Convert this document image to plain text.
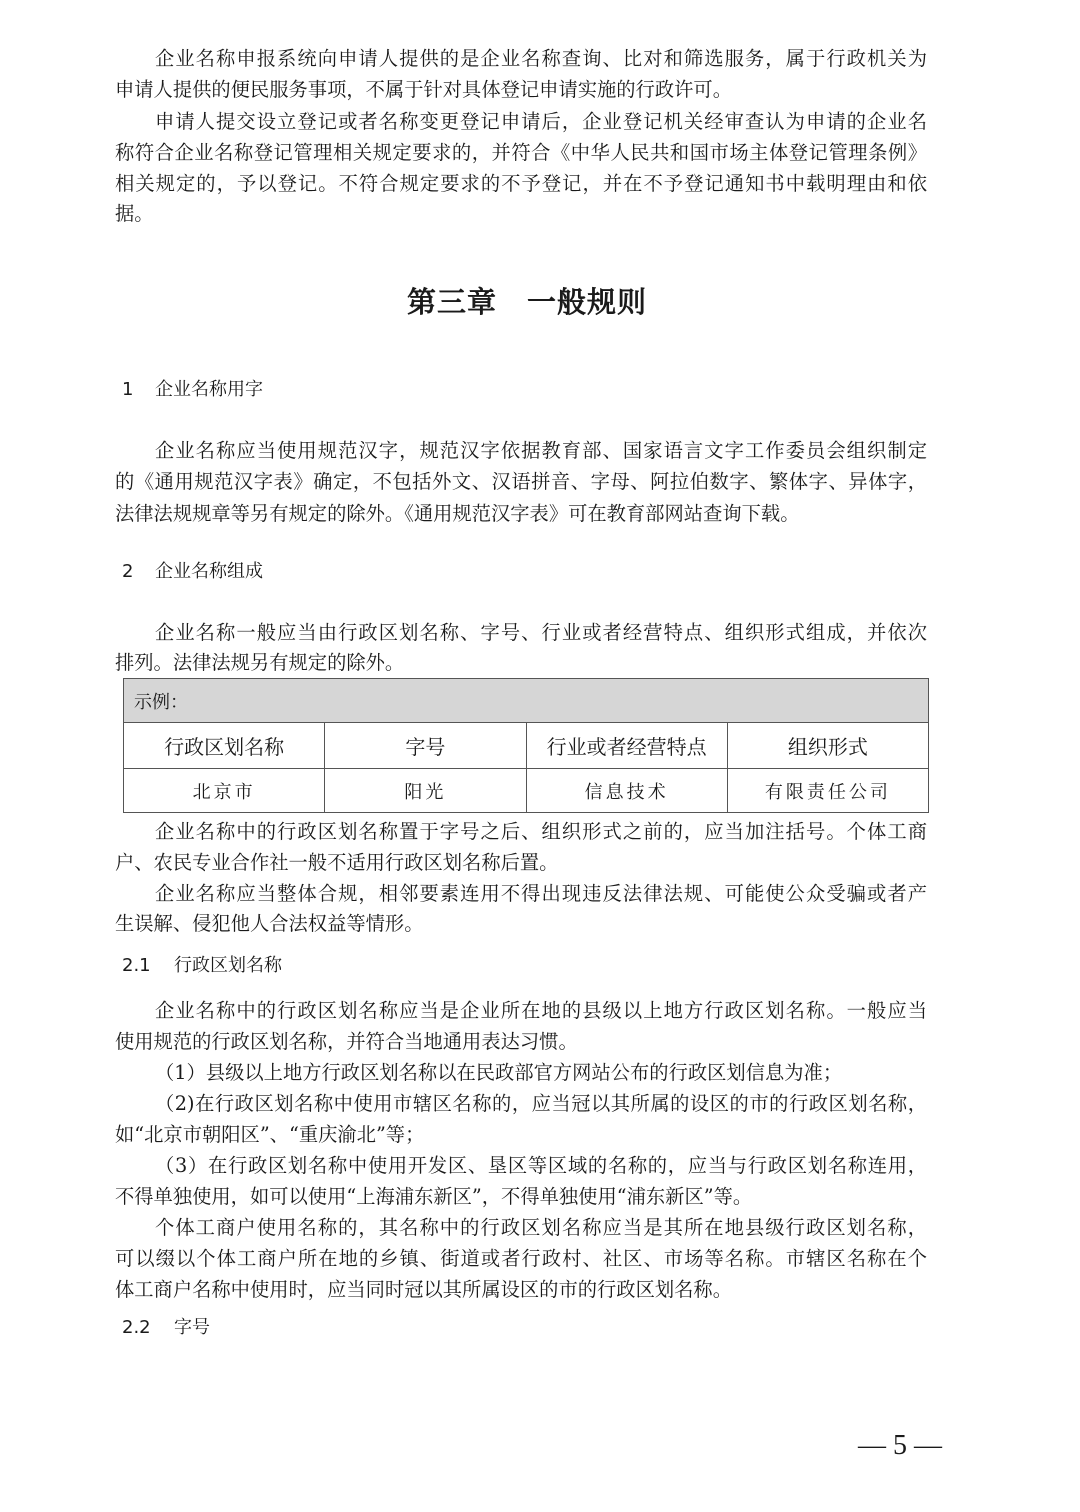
企业名称申报系统向申请人提供的是企业名称查询、比对和筛选服务，属于行政机关为
申请人提供的便民服务事项，不属于针对具体登记申请实施的行政许可。
申请人提交设立登记或者名称变更登记申请后，企业登记机关经审查认为申请的企业名
称符合企业名称登记管理相关规定要求的，并符合《中华人民共和国市场主体登记管理条例》
相关规定的，予以登记。不符合规定要求的不予登记，并在不予登记通知书中载明理由和依
据。
第三章　一般规则
1 企业名称用字
企业名称应当使用规范汉字，规范汉字依据教育部、国家语言文字工作委员会组织制定
的《通用规范汉字表》确定，不包括外文、汉语拼音、字母、阿拉伯数字、繁体字、异体字，
法律法规规章等另有规定的除外。《通用规范汉字表》可在教育部网站查询下载。
2 企业名称组成
企业名称一般应当由行政区划名称、字号、行业或者经营特点、组织形式组成，并依次
排列。法律法规另有规定的除外。
示例：			
行政区划名称	字号	行业或者经营特点	组织形式
北京市	阳光	信息技术	有限责任公司
企业名称中的行政区划名称置于字号之后、组织形式之前的，应当加注括号。个体工商
户、农民专业合作社一般不适用行政区划名称后置。
企业名称应当整体合规，相邻要素连用不得出现违反法律法规、可能使公众受骗或者产
生误解、侵犯他人合法权益等情形。
2.1 行政区划名称
企业名称中的行政区划名称应当是企业所在地的县级以上地方行政区划名称。一般应当
使用规范的行政区划名称，并符合当地通用表达习惯。
（1）县级以上地方行政区划名称以在民政部官方网站公布的行政区划信息为准；
（2)在行政区划名称中使用市辖区名称的，应当冠以其所属的设区的市的行政区划名称，
如“北京市朝阳区”、“重庆渝北”等；
（3）在行政区划名称中使用开发区、垦区等区域的名称的，应当与行政区划名称连用，
不得单独使用，如可以使用“上海浦东新区”，不得单独使用“浦东新区”等。
个体工商户使用名称的，其名称中的行政区划名称应当是其所在地县级行政区划名称，
可以缀以个体工商户所在地的乡镇、街道或者行政村、社区、市场等名称。市辖区名称在个
体工商户名称中使用时，应当同时冠以其所属设区的市的行政区划名称。
2.2 字号
— 5 —
